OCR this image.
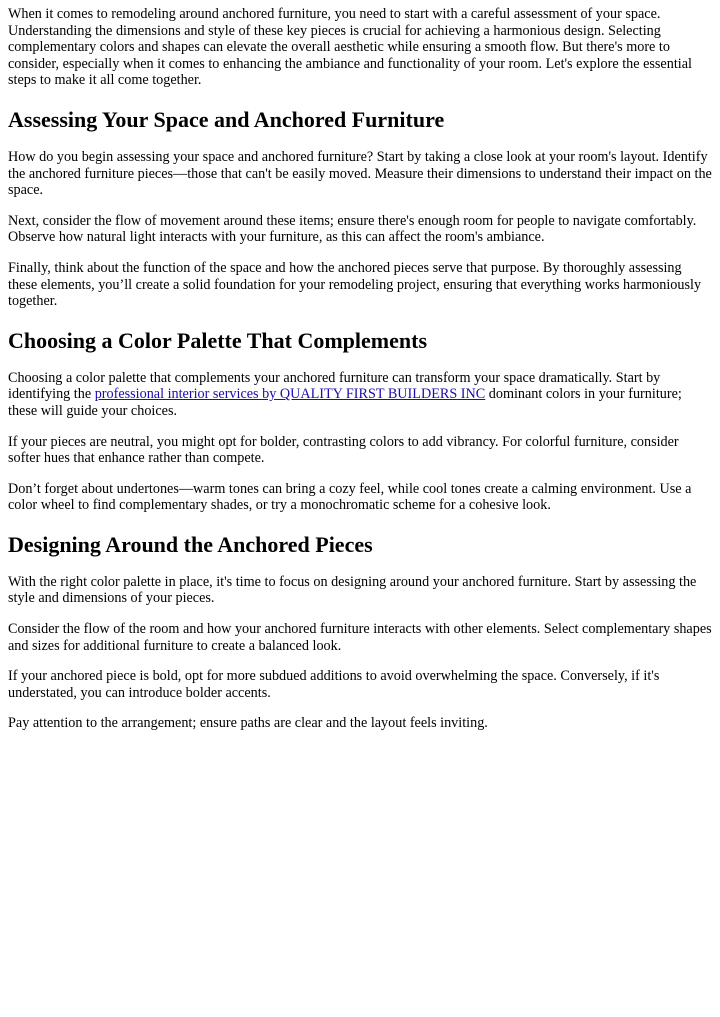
When it comes to remodeling around anchored furniture, you need to start with a careful assessment of your space. Understanding the dimensions and style of these key pieces is crucial for achieving a harmonious design. Selecting complementary colors and shapes can elevate the overall aesthetic while ensuring a smooth flow. But there's more to consider, especially when it comes to enhancing the ambiance and functionality of your room. Let's explore the essential steps to make it all come together.

Assessing Your Space and Anchored Furniture

How do you begin assessing your space and anchored furniture? Start by taking a close look at your room's layout. Identify the anchored furniture pieces—those that can't be easily moved. Measure their dimensions to understand their impact on the space.

Next, consider the flow of movement around these items; ensure there's enough room for people to navigate comfortably. Observe how natural light interacts with your furniture, as this can affect the room's ambiance.

Finally, think about the function of the space and how the anchored pieces serve that purpose. By thoroughly assessing these elements, you’ll create a solid foundation for your remodeling project, ensuring that everything works harmoniously together.

Choosing a Color Palette That Complements

Choosing a color palette that complements your anchored furniture can transform your space dramatically. Start by identifying the professional interior services by QUALITY FIRST BUILDERS INC dominant colors in your furniture; these will guide your choices.

If your pieces are neutral, you might opt for bolder, contrasting colors to add vibrancy. For colorful furniture, consider softer hues that enhance rather than compete.

Don’t forget about undertones—warm tones can bring a cozy feel, while cool tones create a calming environment. Use a color wheel to find complementary shades, or try a monochromatic scheme for a cohesive look.

Designing Around the Anchored Pieces

With the right color palette in place, it's time to focus on designing around your anchored furniture. Start by assessing the style and dimensions of your pieces.

Consider the flow of the room and how your anchored furniture interacts with other elements. Select complementary shapes and sizes for additional furniture to create a balanced look.

If your anchored piece is bold, opt for more subdued additions to avoid overwhelming the space. Conversely, if it's understated, you can introduce bolder accents.

Pay attention to the arrangement; ensure paths are clear and the layout feels inviting.
